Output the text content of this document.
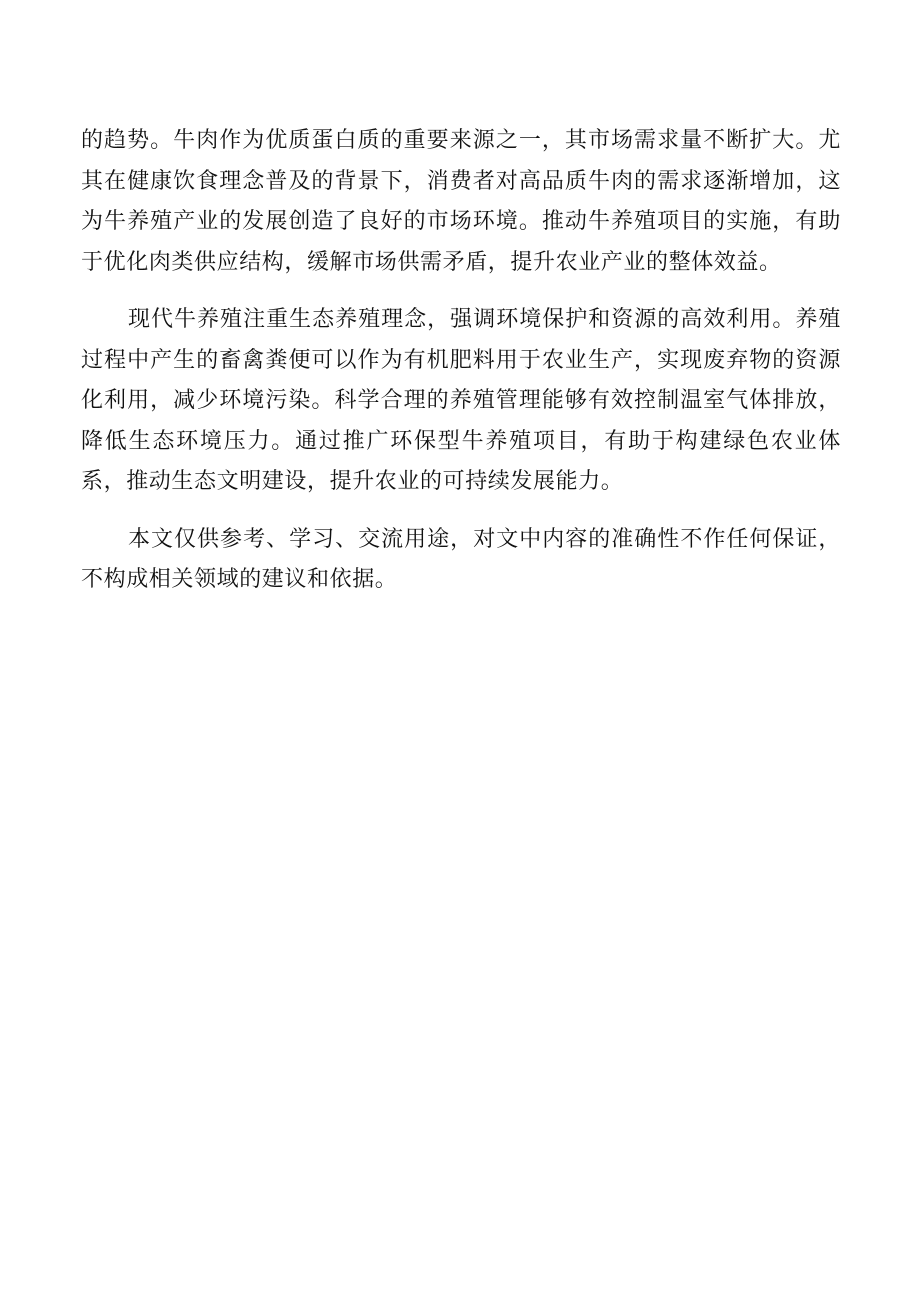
的趋势。牛肉作为优质蛋白质的重要来源之一，其市场需求量不断扩大。尤其在健康饮食理念普及的背景下，消费者对高品质牛肉的需求逐渐增加，这为牛养殖产业的发展创造了良好的市场环境。推动牛养殖项目的实施，有助于优化肉类供应结构，缓解市场供需矛盾，提升农业产业的整体效益。

现代牛养殖注重生态养殖理念，强调环境保护和资源的高效利用。养殖过程中产生的畜禽粪便可以作为有机肥料用于农业生产，实现废弃物的资源化利用，减少环境污染。科学合理的养殖管理能够有效控制温室气体排放，降低生态环境压力。通过推广环保型牛养殖项目，有助于构建绿色农业体系，推动生态文明建设，提升农业的可持续发展能力。

本文仅供参考、学习、交流用途，对文中内容的准确性不作任何保证，不构成相关领域的建议和依据。
